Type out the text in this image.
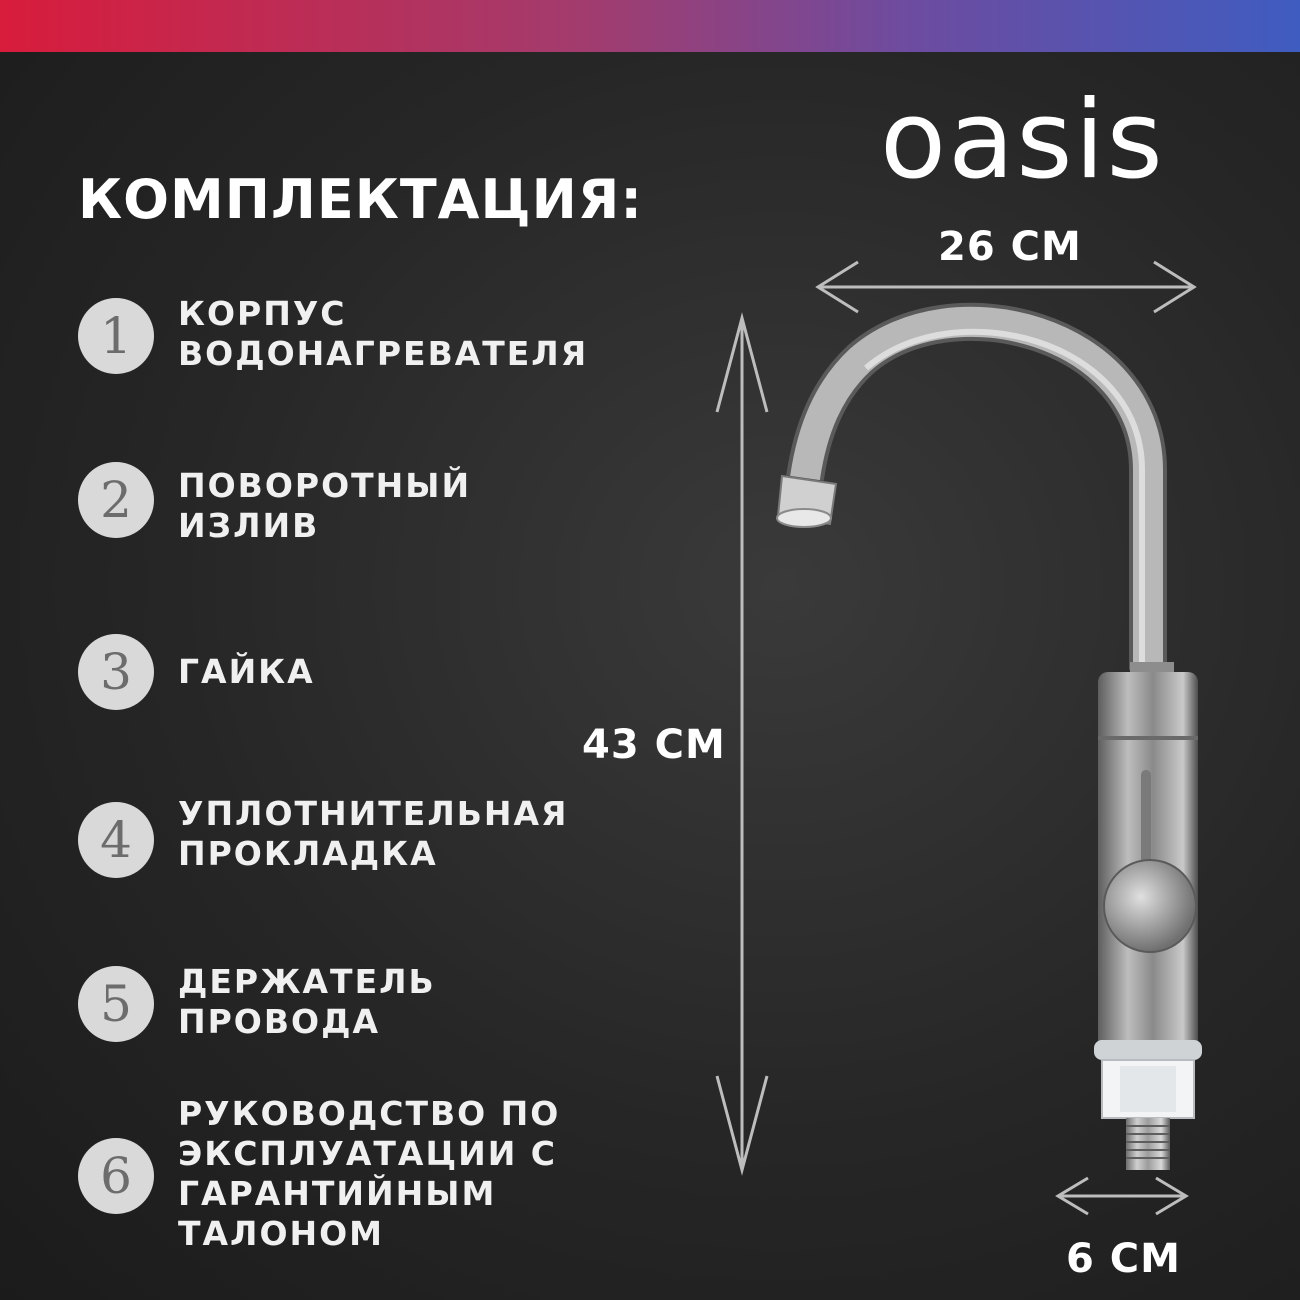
oasis
КОМПЛЕКТАЦИЯ:
1	КОРПУС
ВОДОНАГРЕВАТЕЛЯ
2	ПОВОРОТНЫЙ
ИЗЛИВ
3	ГАЙКА
4	УПЛОТНИТЕЛЬНАЯ
ПРОКЛАДКА
5	ДЕРЖАТЕЛЬ
ПРОВОДА
6
РУКОВОДСТВО ПО
ЭКСПЛУАТАЦИИ С
ГАРАНТИЙНЫМ
ТАЛОНОМ
26 СМ
43 СМ
6 СМ
